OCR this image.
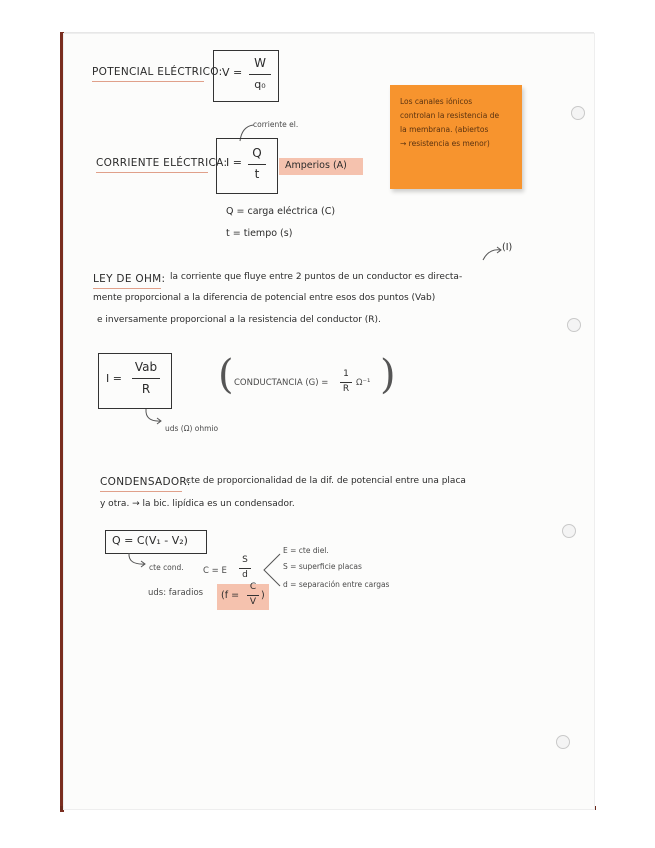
POTENCIAL ELÉCTRICO: V =
W
q₀
Los canales iónicos
controlan la resistencia de
la membrana. (abiertos
→ resistencia es menor)
corriente el.
CORRIENTE ELÉCTRICA:
I =
Q
t
Amperios (A)
Q = carga eléctrica (C)
t = tiempo (s)
(I)
LEY DE OHM: la corriente que fluye entre 2 puntos de un conductor es directa-
mente proporcional a la diferencia de potencial entre esos dos puntos (Vab)
e inversamente proporcional a la resistencia del conductor (R).
I =
Vab
R
uds (Ω) ohmio
(	)
CONDUCTANCIA (G) =
1
R
Ω⁻¹
CONDENSADOR:
cte de proporcionalidad de la dif. de potencial entre una placa
y otra. → la bic. lipídica es un condensador.
Q = C(V₁ - V₂)
cte cond. C = E
S
d
E = cte diel.
S = superficie placas
d = separación entre cargas
uds: faradios (f =
C
V
)
